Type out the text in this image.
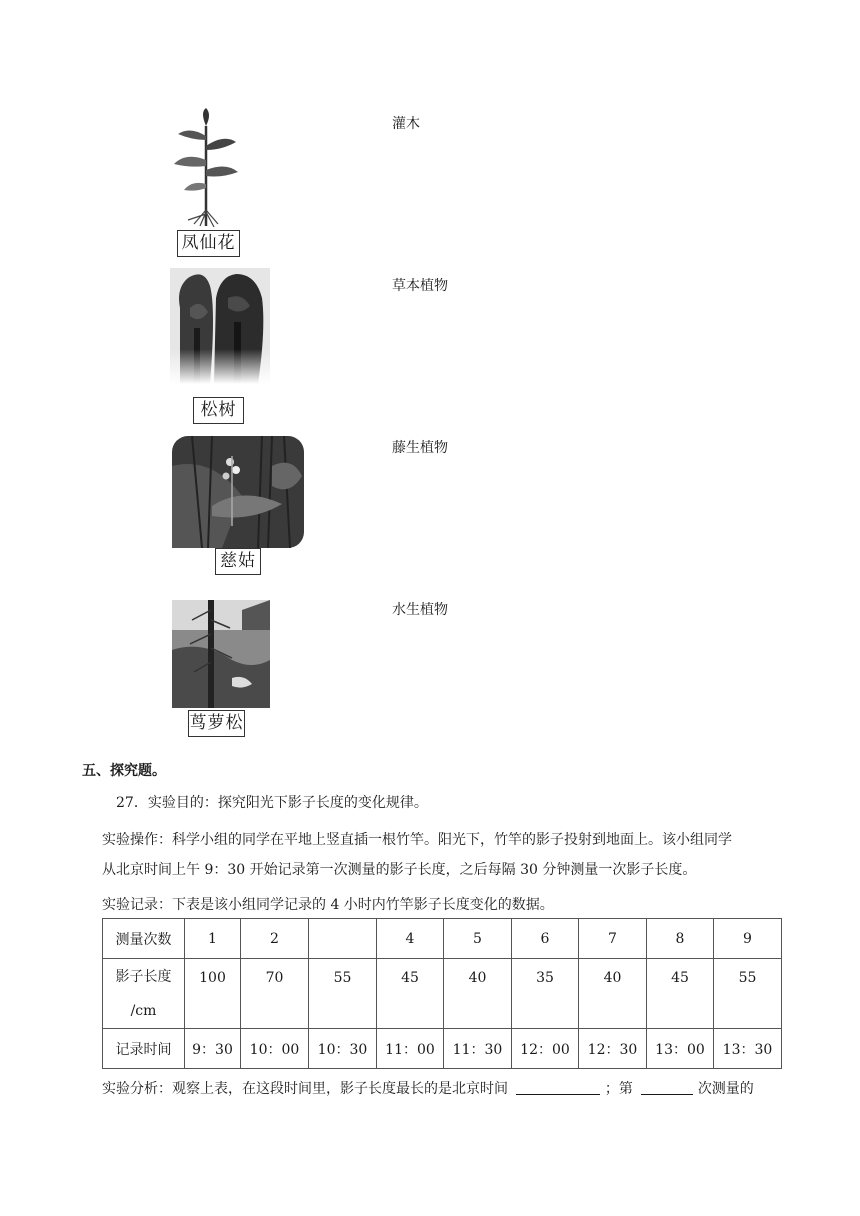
凤仙花
灌木
松树
草本植物
慈姑
藤生植物
茑萝松
水生植物
五、探究题。
27．实验目的：探究阳光下影子长度的变化规律。
实验操作：科学小组的同学在平地上竖直插一根竹竿。阳光下，竹竿的影子投射到地面上。该小组同学
从北京时间上午 9：30 开始记录第一次测量的影子长度，之后每隔 30 分钟测量一次影子长度。
实验记录：下表是该小组同学记录的 4 小时内竹竿影子长度变化的数据。
测量次数	1	2		4	5	6	7	8	9

影子长度
/cm	100	70	55	45	40	35	40	45	55
记录时间	9：30	10：00	10：30	11：00	11：30	12：00	12：30	13：00	13：30
实验分析：观察上表，在这段时间里，影子长度最长的是北京时间	；第	次测量的
